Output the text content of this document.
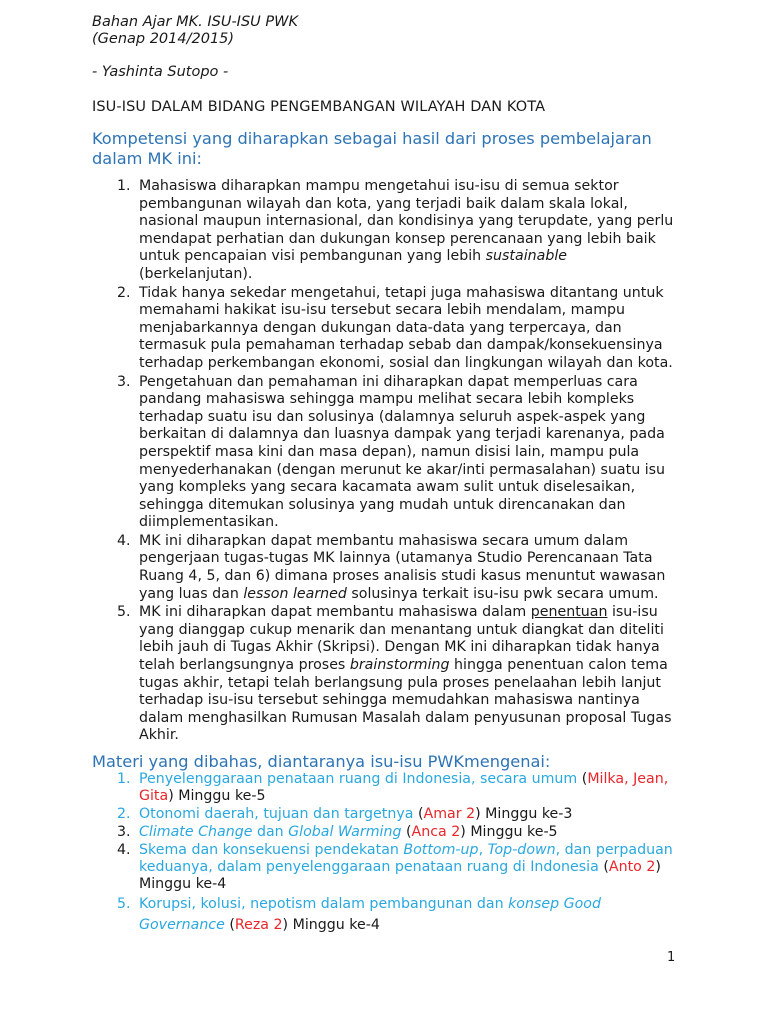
Bahan Ajar MK. ISU-ISU PWK
(Genap 2014/2015)
- Yashinta Sutopo -
ISU-ISU DALAM BIDANG PENGEMBANGAN WILAYAH DAN KOTA
Kompetensi yang diharapkan sebagai hasil dari proses pembelajaran dalam MK ini:
1. Mahasiswa diharapkan mampu mengetahui isu-isu di semua sektor pembangunan wilayah dan kota, yang terjadi baik dalam skala lokal, nasional maupun internasional, dan kondisinya yang terupdate, yang perlu mendapat perhatian dan dukungan konsep perencanaan yang lebih baik untuk pencapaian visi pembangunan yang lebih sustainable (berkelanjutan).
2. Tidak hanya sekedar mengetahui, tetapi juga mahasiswa ditantang untuk memahami hakikat isu-isu tersebut secara lebih mendalam, mampu menjabarkannya dengan dukungan data-data yang terpercaya, dan termasuk pula pemahaman terhadap sebab dan dampak/konsekuensinya terhadap perkembangan ekonomi, sosial dan lingkungan wilayah dan kota.
3. Pengetahuan dan pemahaman ini diharapkan dapat memperluas cara pandang mahasiswa sehingga mampu melihat secara lebih kompleks terhadap suatu isu dan solusinya (dalamnya seluruh aspek-aspek yang berkaitan di dalamnya dan luasnya dampak yang terjadi karenanya, pada perspektif masa kini dan masa depan), namun disisi lain, mampu pula menyederhanakan (dengan merunut ke akar/inti permasalahan) suatu isu yang kompleks yang secara kacamata awam sulit untuk diselesaikan, sehingga ditemukan solusinya yang mudah untuk direncanakan dan diimplementasikan.
4. MK ini diharapkan dapat membantu mahasiswa secara umum dalam pengerjaan tugas-tugas MK lainnya (utamanya Studio Perencanaan Tata Ruang 4, 5, dan 6) dimana proses analisis studi kasus menuntut wawasan yang luas dan lesson learned solusinya terkait isu-isu pwk secara umum.
5. MK ini diharapkan dapat membantu mahasiswa dalam penentuan isu-isu yang dianggap cukup menarik dan menantang untuk diangkat dan diteliti lebih jauh di Tugas Akhir (Skripsi). Dengan MK ini diharapkan tidak hanya telah berlangsungnya proses brainstorming hingga penentuan calon tema tugas akhir, tetapi telah berlangsung pula proses penelaahan lebih lanjut terhadap isu-isu tersebut sehingga memudahkan mahasiswa nantinya dalam menghasilkan Rumusan Masalah dalam penyusunan proposal Tugas Akhir.
Materi yang dibahas, diantaranya isu-isu PWKmengenai:
1. Penyelenggaraan penataan ruang di Indonesia, secara umum (Milka, Jean, Gita) Minggu ke-5
2. Otonomi daerah, tujuan dan targetnya (Amar 2) Minggu ke-3
3. Climate Change dan Global Warming (Anca 2) Minggu ke-5
4. Skema dan konsekuensi pendekatan Bottom-up, Top-down, dan perpaduan keduanya, dalam penyelenggaraan penataan ruang di Indonesia (Anto 2)
Minggu ke-4
5. Korupsi, kolusi, nepotism dalam pembangunan dan konsep Good Governance (Reza 2) Minggu ke-4
1
